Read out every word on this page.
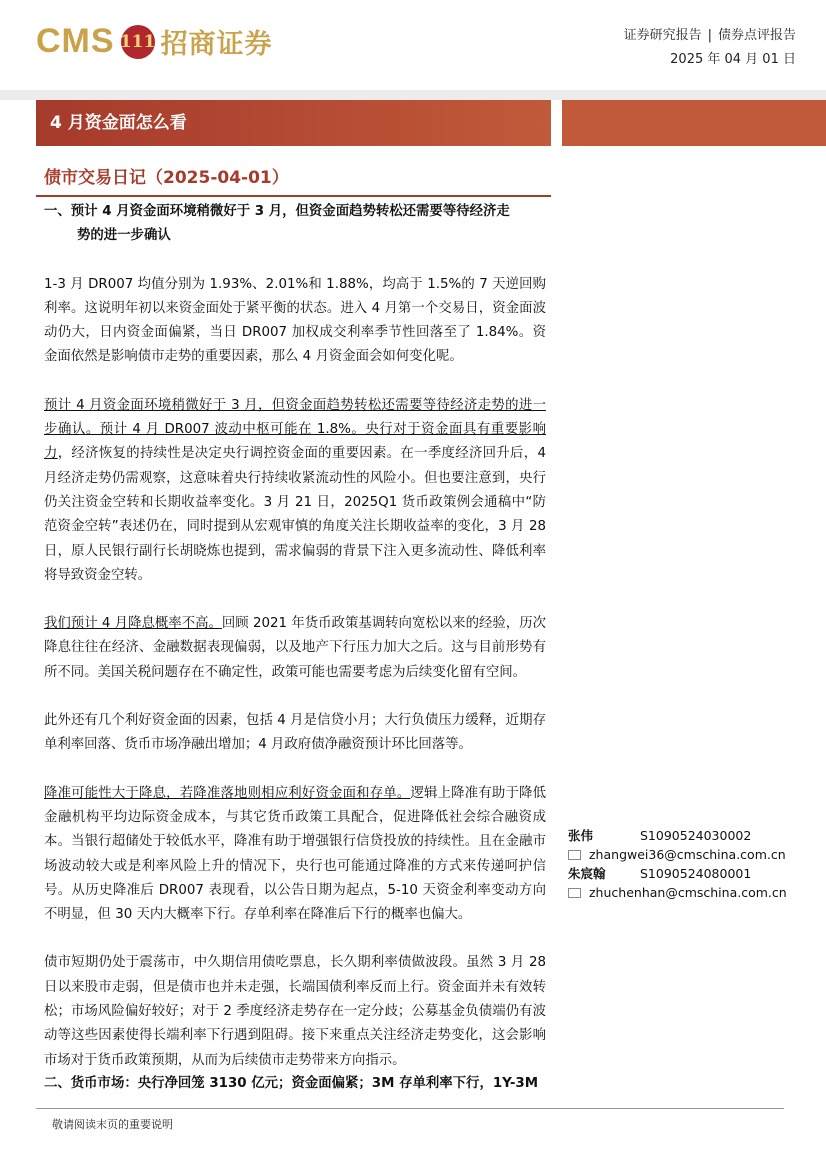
CMS 111 招商证券	证券研究报告 | 债券点评报告
2025 年 04 月 01 日
4 月资金面怎么看
债市交易日记（2025-04-01）
一、预计 4 月资金面环境稍微好于 3 月，但资金面趋势转松还需要等待经济走
势的进一步确认

1-3 月 DR007 均值分别为 1.93%、2.01%和 1.88%，均高于 1.5%的 7 天逆回购利率。这说明年初以来资金面处于紧平衡的状态。进入 4 月第一个交易日，资金面波动仍大，日内资金面偏紧，当日 DR007 加权成交利率季节性回落至了 1.84%。资金面依然是影响债市走势的重要因素，那么 4 月资金面会如何变化呢。

预计 4 月资金面环境稍微好于 3 月，但资金面趋势转松还需要等待经济走势的进一步确认。预计 4 月 DR007 波动中枢可能在 1.8%。央行对于资金面具有重要影响力，经济恢复的持续性是决定央行调控资金面的重要因素。在一季度经济回升后，4 月经济走势仍需观察，这意味着央行持续收紧流动性的风险小。但也要注意到，央行仍关注资金空转和长期收益率变化。3 月 21 日，2025Q1 货币政策例会通稿中“防范资金空转”表述仍在，同时提到从宏观审慎的角度关注长期收益率的变化，3 月 28 日，原人民银行副行长胡晓炼也提到，需求偏弱的背景下注入更多流动性、降低利率将导致资金空转。

我们预计 4 月降息概率不高。回顾 2021 年货币政策基调转向宽松以来的经验，历次降息往往在经济、金融数据表现偏弱，以及地产下行压力加大之后。这与目前形势有所不同。美国关税问题存在不确定性，政策可能也需要考虑为后续变化留有空间。

此外还有几个利好资金面的因素，包括 4 月是信贷小月；大行负债压力缓释，近期存单利率回落、货币市场净融出增加；4 月政府债净融资预计环比回落等。

降准可能性大于降息，若降准落地则相应利好资金面和存单。逻辑上降准有助于降低金融机构平均边际资金成本，与其它货币政策工具配合，促进降低社会综合融资成本。当银行超储处于较低水平，降准有助于增强银行信贷投放的持续性。且在金融市场波动较大或是利率风险上升的情况下，央行也可能通过降准的方式来传递呵护信号。从历史降准后 DR007 表现看，以公告日期为起点，5-10 天资金利率变动方向不明显，但 30 天内大概率下行。存单利率在降准后下行的概率也偏大。

债市短期仍处于震荡市，中久期信用债吃票息，长久期利率债做波段。虽然 3 月 28 日以来股市走弱，但是债市也并未走强，长端国债利率反而上行。资金面并未有效转松；市场风险偏好较好；对于 2 季度经济走势存在一定分歧；公募基金负债端仍有波动等这些因素使得长端利率下行遇到阻碍。接下来重点关注经济走势变化，这会影响市场对于货币政策预期，从而为后续债市走势带来方向指示。

二、货币市场：央行净回笼 3130 亿元；资金面偏紧；3M 存单利率下行，1Y-3M
张伟	S1090524030002
zhangwei36@cmschina.com.cn
朱宸翰	S1090524080001
zhuchenhan@cmschina.com.cn
敬请阅读末页的重要说明
